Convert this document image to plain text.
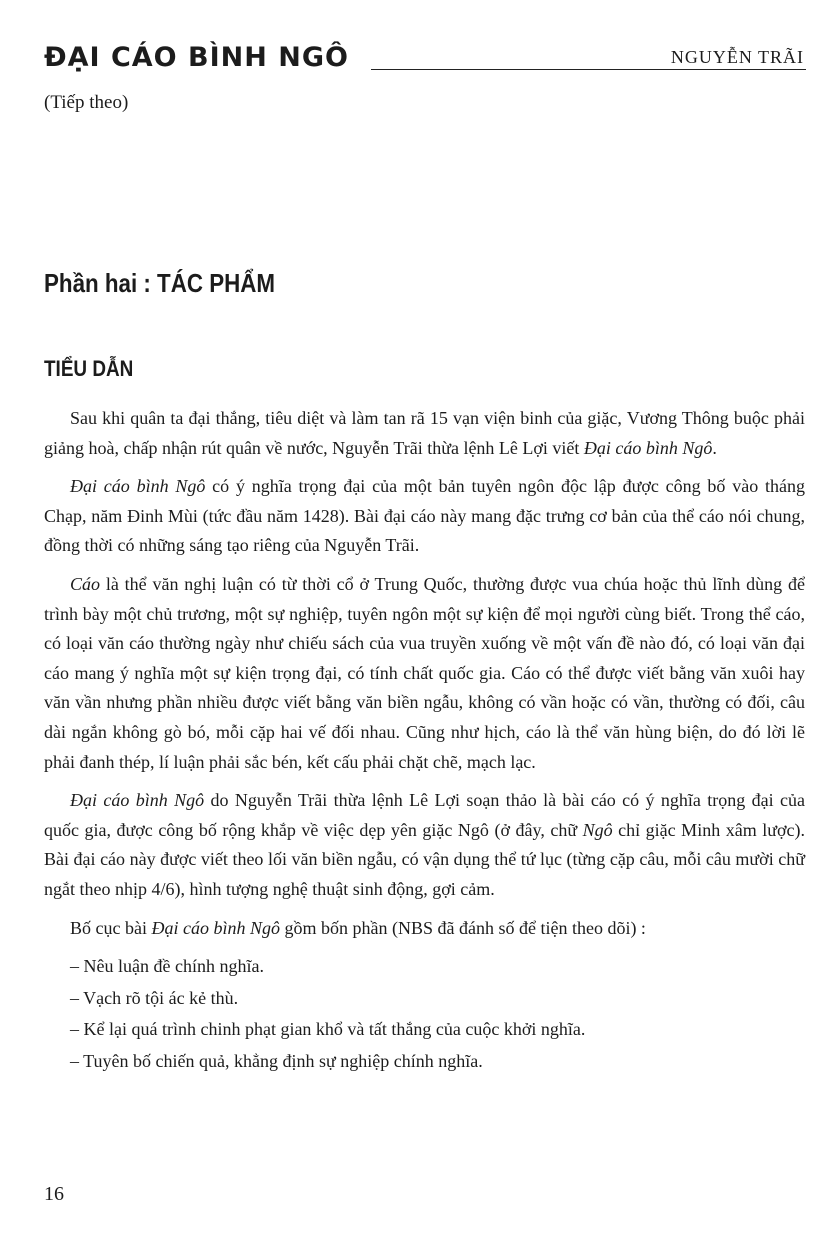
ĐẠI CÁO BÌNH NGÔ	NGUYỄN TRÃI
(Tiếp theo)
Phần hai : TÁC PHẨM
TIỂU DẪN

Sau khi quân ta đại thắng, tiêu diệt và làm tan rã 15 vạn viện binh của giặc, Vương Thông buộc phải giảng hoà, chấp nhận rút quân về nước, Nguyễn Trãi thừa lệnh Lê Lợi viết Đại cáo bình Ngô.

Đại cáo bình Ngô có ý nghĩa trọng đại của một bản tuyên ngôn độc lập được công bố vào tháng Chạp, năm Đinh Mùi (tức đầu năm 1428). Bài đại cáo này mang đặc trưng cơ bản của thể cáo nói chung, đồng thời có những sáng tạo riêng của Nguyễn Trãi.

Cáo là thể văn nghị luận có từ thời cổ ở Trung Quốc, thường được vua chúa hoặc thủ lĩnh dùng để trình bày một chủ trương, một sự nghiệp, tuyên ngôn một sự kiện để mọi người cùng biết. Trong thể cáo, có loại văn cáo thường ngày như chiếu sách của vua truyền xuống về một vấn đề nào đó, có loại văn đại cáo mang ý nghĩa một sự kiện trọng đại, có tính chất quốc gia. Cáo có thể được viết bằng văn xuôi hay văn vần nhưng phần nhiều được viết bằng văn biền ngẫu, không có vần hoặc có vần, thường có đối, câu dài ngắn không gò bó, mỗi cặp hai vế đối nhau. Cũng như hịch, cáo là thể văn hùng biện, do đó lời lẽ phải đanh thép, lí luận phải sắc bén, kết cấu phải chặt chẽ, mạch lạc.

Đại cáo bình Ngô do Nguyễn Trãi thừa lệnh Lê Lợi soạn thảo là bài cáo có ý nghĩa trọng đại của quốc gia, được công bố rộng khắp về việc dẹp yên giặc Ngô (ở đây, chữ Ngô chỉ giặc Minh xâm lược). Bài đại cáo này được viết theo lối văn biền ngẫu, có vận dụng thể tứ lục (từng cặp câu, mỗi câu mười chữ ngắt theo nhịp 4/6), hình tượng nghệ thuật sinh động, gợi cảm.

Bố cục bài Đại cáo bình Ngô gồm bốn phần (NBS đã đánh số để tiện theo dõi) :

– Nêu luận đề chính nghĩa.
– Vạch rõ tội ác kẻ thù.
– Kể lại quá trình chinh phạt gian khổ và tất thắng của cuộc khởi nghĩa.
– Tuyên bố chiến quả, khẳng định sự nghiệp chính nghĩa.
16
